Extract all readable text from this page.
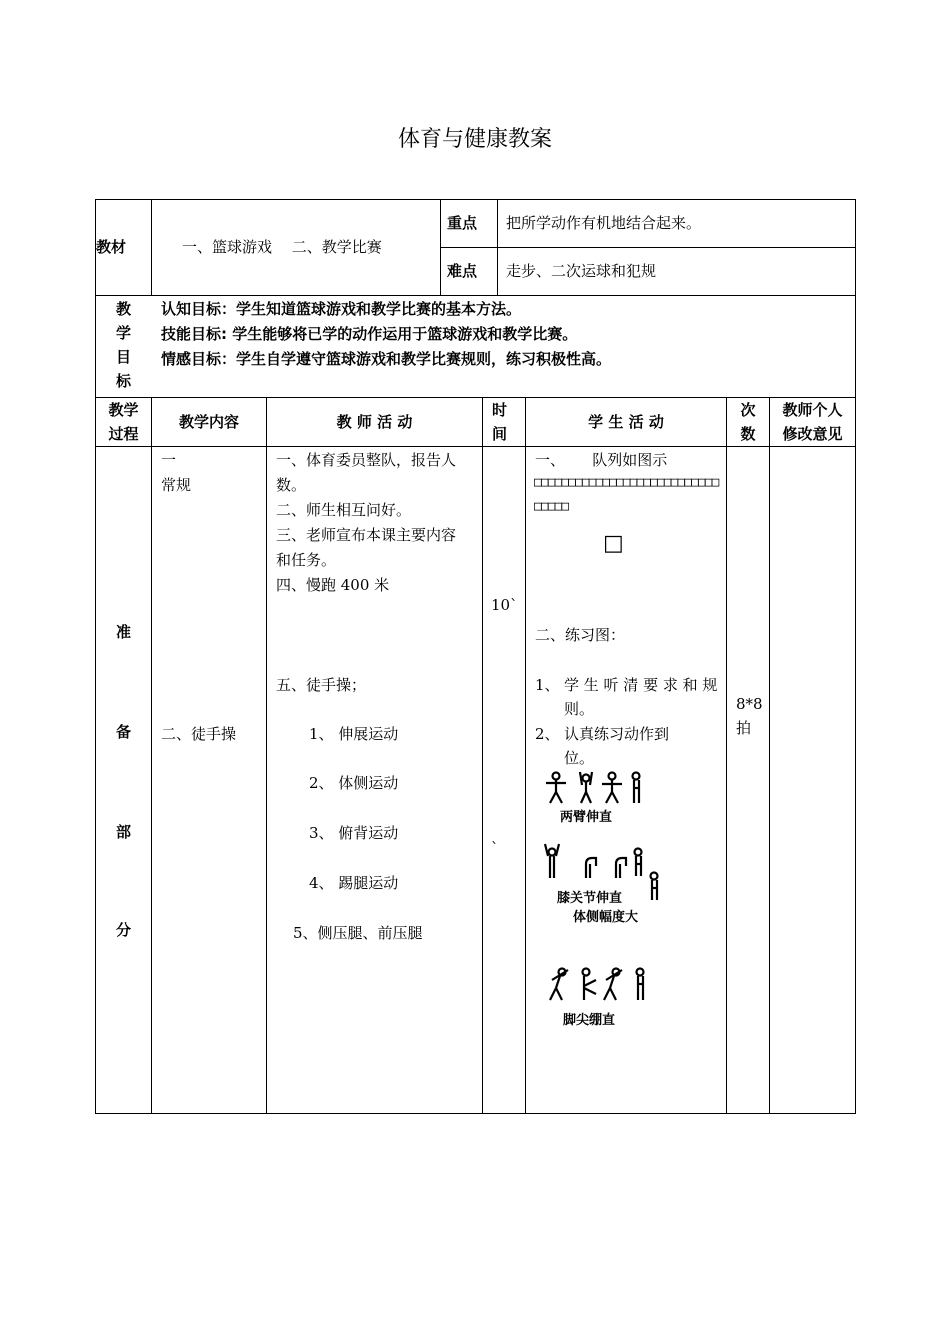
体育与健康教案
教材	一、篮球游戏　 二、教学比赛
重点 把所学动作有机地结合起来。
难点 走步、二次运球和犯规
教
学
目
标
认知目标：学生知道篮球游戏和教学比赛的基本方法。
技能目标: 学生能够将已学的动作运用于篮球游戏和教学比赛。
情感目标：学生自学遵守篮球游戏和教学比赛规则，练习积极性高。
教学
过程
教学内容	教 师 活 动
时
间
学 生 活 动
次
数
教师个人
修改意见
准
备
部
分
一
常规
二、徒手操
一、体育委员整队，报告人
数。
二、师生相互问好。
三、老师宣布本课主要内容
和任务。
四、慢跑 400 米
五、徒手操；
1、 伸展运动
2、 体侧运动
3、 俯背运动
4、 踢腿运动
5、侧压腿、前压腿
10`
`
一、　　 队列如图示
□□□□□□□□□□□□□□□□□□□□□□□□□□□□□□□□
□
二、练习图：
1、 学 生 听 清 要 求 和 规
则。
2、 认真练习动作到
位。
两臂伸直
膝关节伸直
体侧幅度大
脚尖绷直
8*8
拍
